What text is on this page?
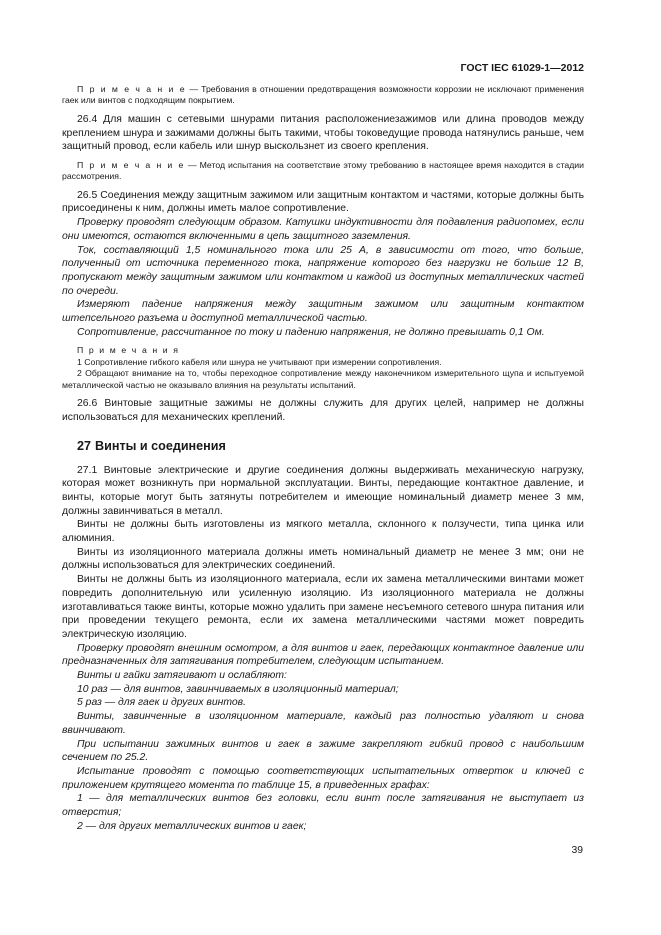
ГОСТ IEC 61029-1—2012

П р и м е ч а н и е — Требования в отношении предотвращения возможности коррозии не исключают применения гаек или винтов с подходящим покрытием.

26.4 Для машин с сетевыми шнурами питания расположениезажимов или длина проводов между креплением шнура и зажимами должны быть такими, чтобы токоведущие провода натянулись раньше, чем защитный провод, если кабель или шнур выскользнет из своего крепления.

П р и м е ч а н и е — Метод испытания на соответствие этому требованию в настоящее время находится в стадии рассмотрения.

26.5 Соединения между защитным зажимом или защитным контактом и частями, которые должны быть присоединены к ним, должны иметь малое сопротивление.

Проверку проводят следующим образом. Катушки индуктивности для подавления радиопомех, если они имеются, остаются включенными в цепь защитного заземления.

Ток, составляющий 1,5 номинального тока или 25 А, в зависимости от того, что больше, полученный от источника переменного тока, напряжение которого без нагрузки не больше 12 В, пропускают между защитным зажимом или контактом и каждой из доступных металлических частей по очереди.

Измеряют падение напряжения между защитным зажимом или защитным контактом штепсельного разъема и доступной металлической частью.

Сопротивление, рассчитанное по току и падению напряжения, не должно превышать 0,1 Ом.

П р и м е ч а н и я

1 Сопротивление гибкого кабеля или шнура не учитывают при измерении сопротивления.

2 Обращают внимание на то, чтобы переходное сопротивление между наконечником измерительного щупа и испытуемой металлической частью не оказывало влияния на результаты испытаний.

26.6 Винтовые защитные зажимы не должны служить для других целей, например не должны использоваться для механических креплений.

27 Винты и соединения

27.1 Винтовые электрические и другие соединения должны выдерживать механическую нагрузку, которая может возникнуть при нормальной эксплуатации. Винты, передающие контактное давление, и винты, которые могут быть затянуты потребителем и имеющие номинальный диаметр менее 3 мм, должны завинчиваться в металл.

Винты не должны быть изготовлены из мягкого металла, склонного к ползучести, типа цинка или алюминия.

Винты из изоляционного материала должны иметь номинальный диаметр не менее 3 мм; они не должны использоваться для электрических соединений.

Винты не должны быть из изоляционного материала, если их замена металлическими винтами может повредить дополнительную или усиленную изоляцию. Из изоляционного материала не должны изготавливаться также винты, которые можно удалить при замене несъемного сетевого шнура питания или при проведении текущего ремонта, если их замена металлическими частями может повредить электрическую изоляцию.

Проверку проводят внешним осмотром, а для винтов и гаек, передающих контактное давление или предназначенных для затягивания потребителем, следующим испытанием.

Винты и гайки затягивают и ослабляют:

10 раз — для винтов, завинчиваемых в изоляционный материал;

5 раз — для гаек и других винтов.

Винты, завинченные в изоляционном материале, каждый раз полностью удаляют и снова ввинчивают.

При испытании зажимных винтов и гаек в зажиме закрепляют гибкий провод с наибольшим сечением по 25.2.

Испытание проводят с помощью соответствующих испытательных отверток и ключей с приложением крутящего момента по таблице 15, в приведенных графах:

1 — для металлических винтов без головки, если винт после затягивания не выступает из отверстия;

2 — для других металлических винтов и гаек;

39
